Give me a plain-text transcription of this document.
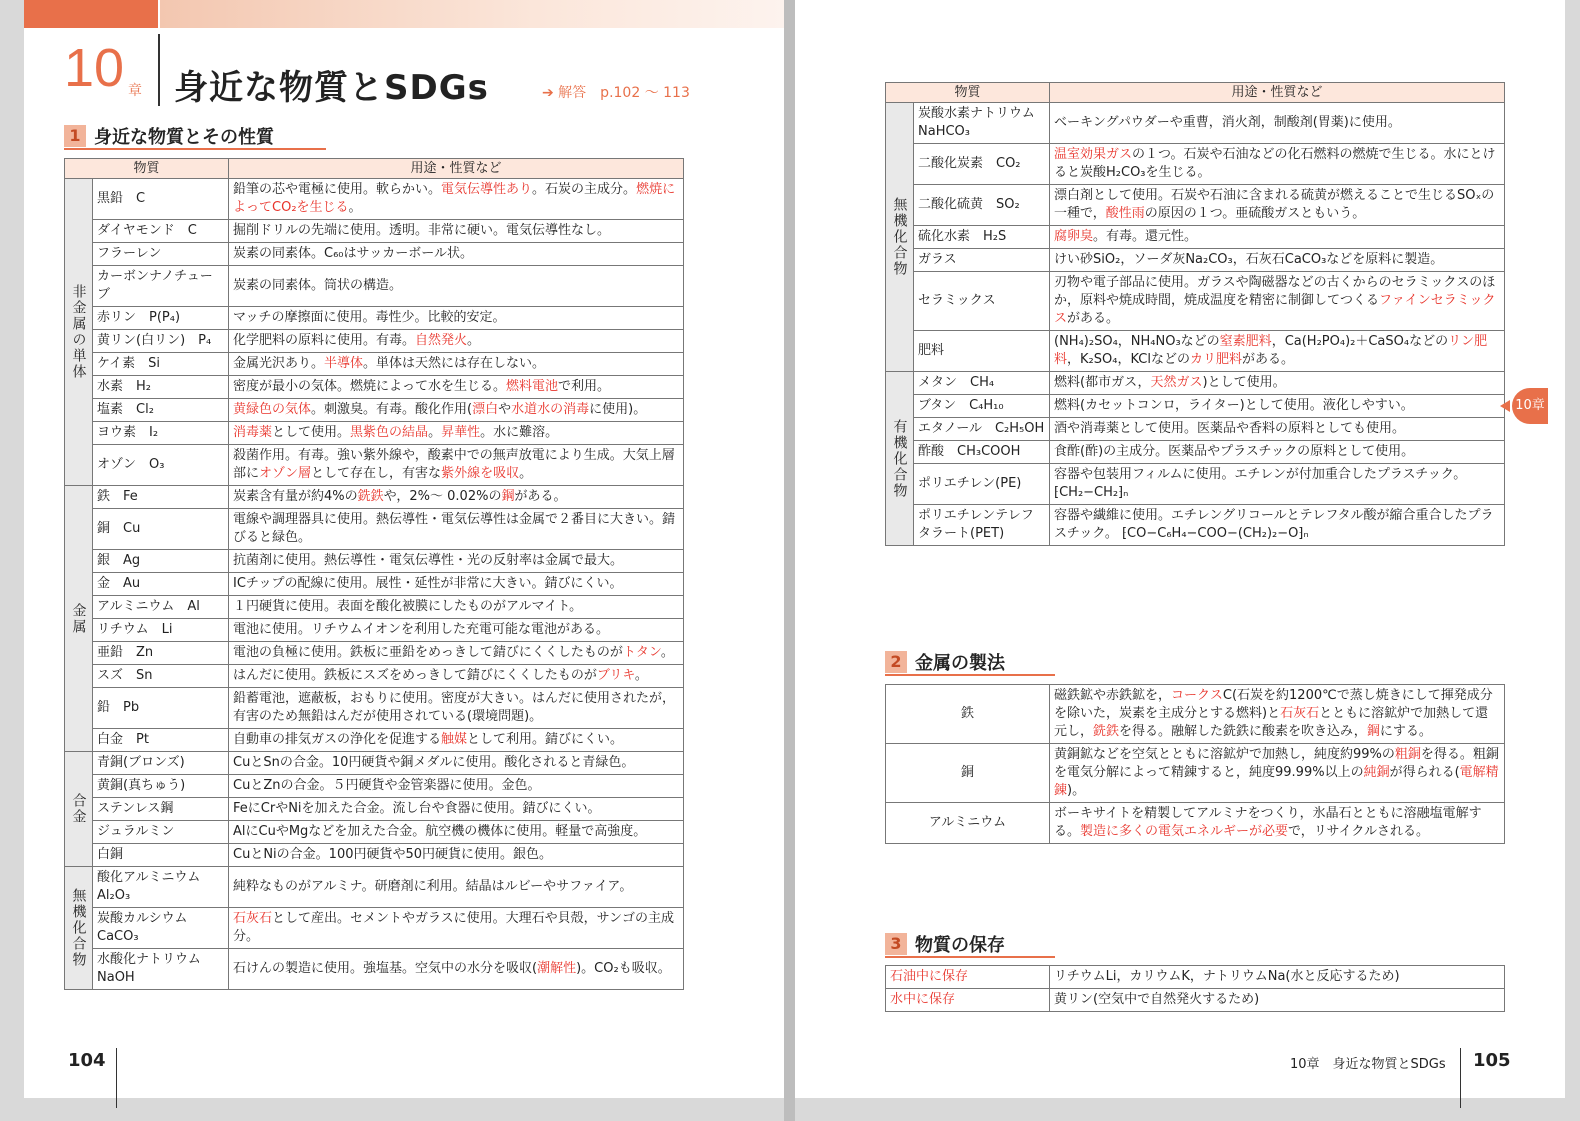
10 章 身近な物質とSDGs	➔ 解答　p.102 ～ 113
1 身近な物質とその性質
物質		用途・性質など
非金属の単体	黒鉛　C	鉛筆の芯や電極に使用。軟らかい。電気伝導性あり。石炭の主成分。燃焼によってCO₂を生じる。
	ダイヤモンド　C	掘削ドリルの先端に使用。透明。非常に硬い。電気伝導性なし。
	フラーレン	炭素の同素体。C₆₀はサッカーボール状。
	カーボンナノチューブ	炭素の同素体。筒状の構造。
	赤リン　P(P₄)	マッチの摩擦面に使用。毒性少。比較的安定。
	黄リン(白リン)　P₄	化学肥料の原料に使用。有毒。自然発火。
	ケイ素　Si	金属光沢あり。半導体。単体は天然には存在しない。
	水素　H₂	密度が最小の気体。燃焼によって水を生じる。燃料電池で利用。
	塩素　Cl₂	黄緑色の気体。刺激臭。有毒。酸化作用(漂白や水道水の消毒に使用)。
	ヨウ素　I₂	消毒薬として使用。黒紫色の結晶。昇華性。水に難溶。
	オゾン　O₃	殺菌作用。有毒。強い紫外線や，酸素中での無声放電により生成。大気上層部にオゾン層として存在し，有害な紫外線を吸収。
金属	鉄　Fe	炭素含有量が約4%の銑鉄や，2%～ 0.02%の鋼がある。
	銅　Cu	電線や調理器具に使用。熱伝導性・電気伝導性は金属で２番目に大きい。錆びると緑色。
	銀　Ag	抗菌剤に使用。熱伝導性・電気伝導性・光の反射率は金属で最大。
	金　Au	ICチップの配線に使用。展性・延性が非常に大きい。錆びにくい。
	アルミニウム　Al	１円硬貨に使用。表面を酸化被膜にしたものがアルマイト。
	リチウム　Li	電池に使用。リチウムイオンを利用した充電可能な電池がある。
	亜鉛　Zn	電池の負極に使用。鉄板に亜鉛をめっきして錆びにくくしたものがトタン。
	スズ　Sn	はんだに使用。鉄板にスズをめっきして錆びにくくしたものがブリキ。
	鉛　Pb	鉛蓄電池，遮蔽板，おもりに使用。密度が大きい。はんだに使用されたが，有害のため無鉛はんだが使用されている(環境問題)。
	白金　Pt	自動車の排気ガスの浄化を促進する触媒として利用。錆びにくい。
合金	青銅(ブロンズ)	CuとSnの合金。10円硬貨や銅メダルに使用。酸化されると青緑色。
	黄銅(真ちゅう)	CuとZnの合金。５円硬貨や金管楽器に使用。金色。
	ステンレス鋼	FeにCrやNiを加えた合金。流し台や食器に使用。錆びにくい。
	ジュラルミン	AlにCuやMgなどを加えた合金。航空機の機体に使用。軽量で高強度。
	白銅	CuとNiの合金。100円硬貨や50円硬貨に使用。銀色。
無機化合物	酸化アルミニウム　Al₂O₃	純粋なものがアルミナ。研磨剤に利用。結晶はルビーやサファイア。
	炭酸カルシウム　CaCO₃	石灰石として産出。セメントやガラスに使用。大理石や貝殻，サンゴの主成分。
	水酸化ナトリウム　NaOH	石けんの製造に使用。強塩基。空気中の水分を吸収(潮解性)。CO₂も吸収。
104
物質		用途・性質など
無機化合物	炭酸水素ナトリウム　NaHCO₃	ベーキングパウダーや重曹，消火剤，制酸剤(胃薬)に使用。
	二酸化炭素　CO₂	温室効果ガスの１つ。石炭や石油などの化石燃料の燃焼で生じる。水にとけると炭酸H₂CO₃を生じる。
	二酸化硫黄　SO₂	漂白剤として使用。石炭や石油に含まれる硫黄が燃えることで生じるSOₓの一種で，酸性雨の原因の１つ。亜硫酸ガスともいう。
	硫化水素　H₂S	腐卵臭。有毒。還元性。
	ガラス	けい砂SiO₂，ソーダ灰Na₂CO₃，石灰石CaCO₃などを原料に製造。
	セラミックス	刃物や電子部品に使用。ガラスや陶磁器などの古くからのセラミックスのほか，原料や焼成時間，焼成温度を精密に制御してつくるファインセラミックスがある。
	肥料	(NH₄)₂SO₄，NH₄NO₃などの窒素肥料，Ca(H₂PO₄)₂＋CaSO₄などのリン肥料，K₂SO₄，KClなどのカリ肥料がある。
有機化合物	メタン　CH₄	燃料(都市ガス，天然ガス)として使用。
	ブタン　C₄H₁₀	燃料(カセットコンロ，ライター)として使用。液化しやすい。
	エタノール　C₂H₅OH	酒や消毒薬として使用。医薬品や香料の原料としても使用。
	酢酸　CH₃COOH	食酢(酢)の主成分。医薬品やプラスチックの原料として使用。
	ポリエチレン(PE)	容器や包装用フィルムに使用。エチレンが付加重合したプラスチック。 ⁅CH₂−CH₂⁆ₙ
	ポリエチレンテレフタラート(PET)	容器や繊維に使用。エチレングリコールとテレフタル酸が縮合重合したプラスチック。 ⁅CO−C₆H₄−COO−(CH₂)₂−O⁆ₙ
2 金属の製法
鉄	磁鉄鉱や赤鉄鉱を，コークスC(石炭を約1200℃で蒸し焼きにして揮発成分を除いた，炭素を主成分とする燃料)と石灰石とともに溶鉱炉で加熱して還元し，銑鉄を得る。融解した銑鉄に酸素を吹き込み，鋼にする。
銅	黄銅鉱などを空気とともに溶鉱炉で加熱し，純度約99%の粗銅を得る。粗銅を電気分解によって精錬すると，純度99.99%以上の純銅が得られる(電解精錬)。
アルミニウム	ボーキサイトを精製してアルミナをつくり，氷晶石とともに溶融塩電解する。製造に多くの電気エネルギーが必要で，リサイクルされる。
3 物質の保存
石油中に保存	リチウムLi，カリウムK，ナトリウムNa(水と反応するため)
水中に保存	黄リン(空気中で自然発火するため)
10章　身近な物質とSDGs 105
10章
